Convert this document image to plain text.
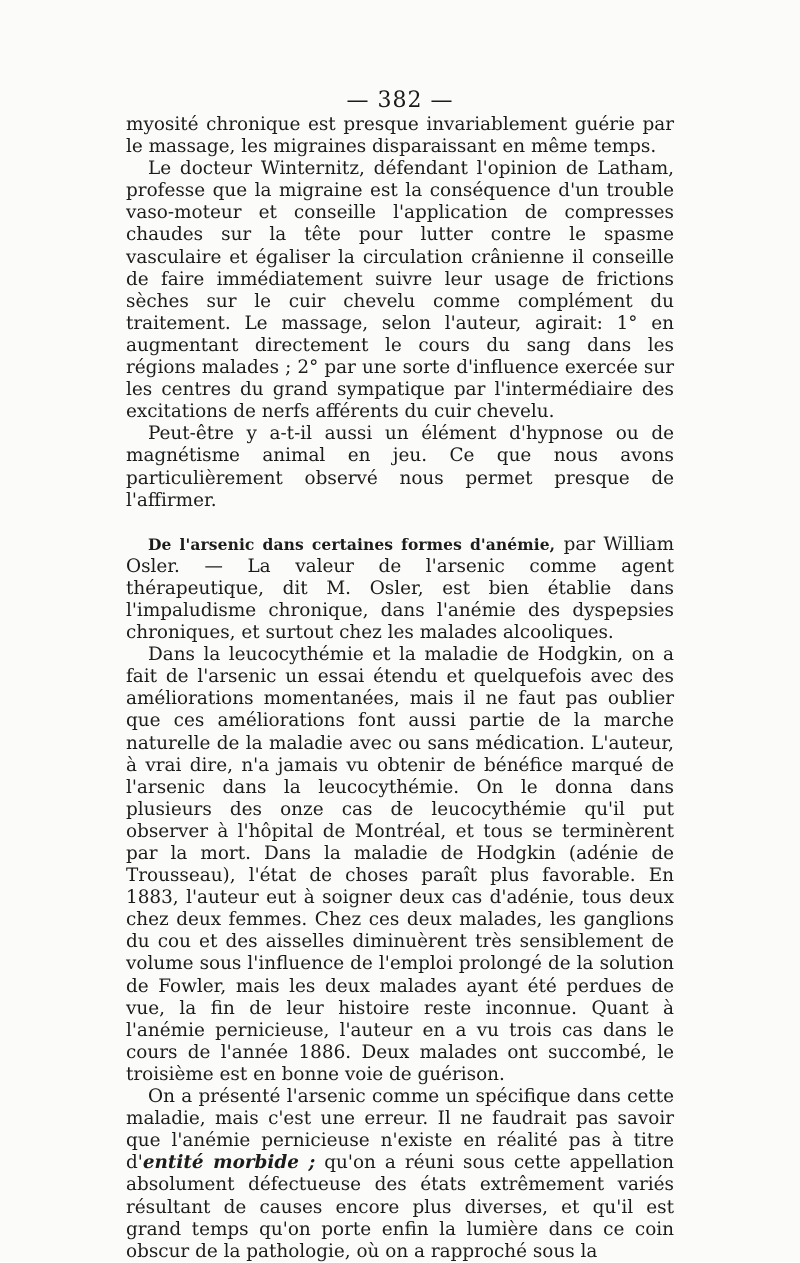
— 382 —

myosité chronique est presque invariablement guérie par le massage, les migraines disparaissant en même temps.

Le docteur Winternitz, défendant l'opinion de Latham, professe que la migraine est la conséquence d'un trouble vaso-moteur et conseille l'application de compresses chaudes sur la tête pour lutter contre le spasme vasculaire et égaliser la circulation crânienne il conseille de faire immédiatement suivre leur usage de frictions sèches sur le cuir chevelu comme complément du traitement. Le massage, selon l'auteur, agirait: 1° en augmentant directement le cours du sang dans les régions malades ; 2° par une sorte d'influence exercée sur les centres du grand sympatique par l'intermédiaire des excitations de nerfs afférents du cuir chevelu.

Peut-être y a-t-il aussi un élément d'hypnose ou de magnétisme animal en jeu. Ce que nous avons particulièrement observé nous permet presque de l'affirmer.

De l'arsenic dans certaines formes d'anémie, par William Osler. — La valeur de l'arsenic comme agent thérapeutique, dit M. Osler, est bien établie dans l'impaludisme chronique, dans l'anémie des dyspepsies chroniques, et surtout chez les malades alcooliques.

Dans la leucocythémie et la maladie de Hodgkin, on a fait de l'arsenic un essai étendu et quelquefois avec des améliorations momentanées, mais il ne faut pas oublier que ces améliorations font aussi partie de la marche naturelle de la maladie avec ou sans médication. L'auteur, à vrai dire, n'a jamais vu obtenir de bénéfice marqué de l'arsenic dans la leucocythémie. On le donna dans plusieurs des onze cas de leucocythémie qu'il put observer à l'hôpital de Montréal, et tous se terminèrent par la mort. Dans la maladie de Hodgkin (adénie de Trousseau), l'état de choses paraît plus favorable. En 1883, l'auteur eut à soigner deux cas d'adénie, tous deux chez deux femmes. Chez ces deux malades, les ganglions du cou et des aisselles diminuèrent très sensiblement de volume sous l'influence de l'emploi prolongé de la solution de Fowler, mais les deux malades ayant été perdues de vue, la fin de leur histoire reste inconnue. Quant à l'anémie pernicieuse, l'auteur en a vu trois cas dans le cours de l'année 1886. Deux malades ont succombé, le troisième est en bonne voie de guérison.

On a présenté l'arsenic comme un spécifique dans cette maladie, mais c'est une erreur. Il ne faudrait pas savoir que l'anémie pernicieuse n'existe en réalité pas à titre d'entité morbide ; qu'on a réuni sous cette appellation absolument défectueuse des états extrêmement variés résultant de causes encore plus diverses, et qu'il est grand temps qu'on porte enfin la lumière dans ce coin obscur de la pathologie, où on a rapproché sous la
